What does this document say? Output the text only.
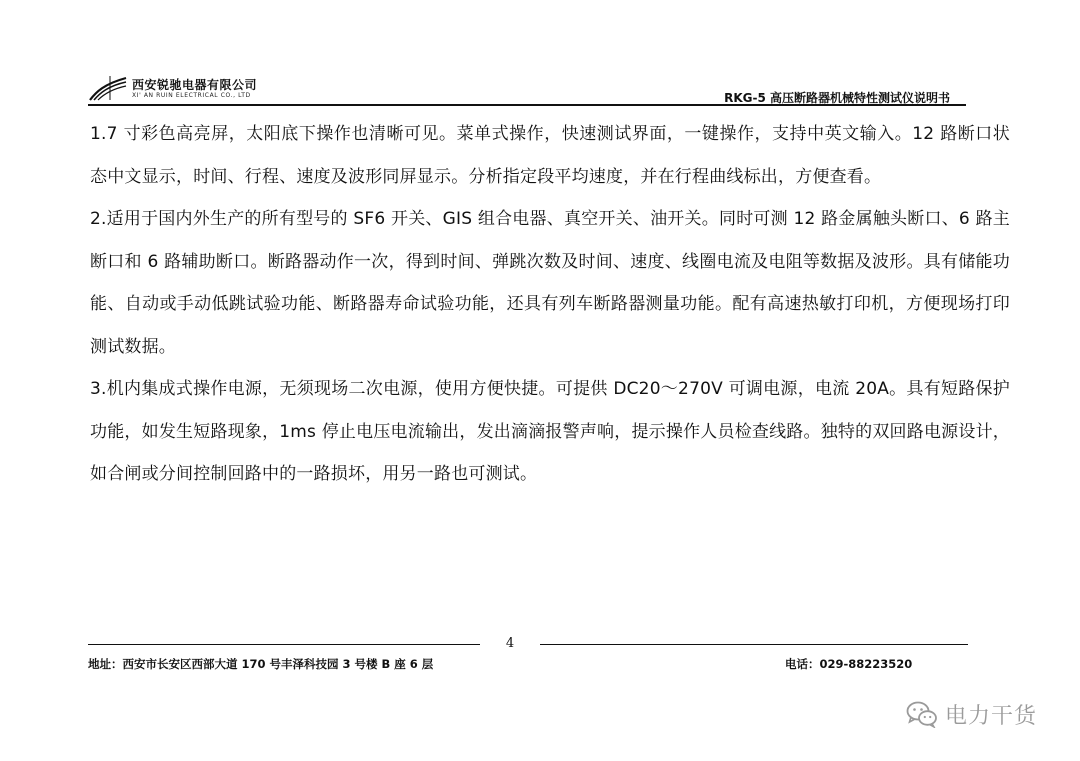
西安锐驰电器有限公司
XI' AN RUIN ELECTRICAL CO., LTD	RKG-5 高压断路器机械特性测试仪说明书

1.7 寸彩色高亮屏，太阳底下操作也清晰可见。菜单式操作，快速测试界面，一键操作，支持中英文输入。12 路断口状态中文显示，时间、行程、速度及波形同屏显示。分析指定段平均速度，并在行程曲线标出，方便查看。

2.适用于国内外生产的所有型号的 SF6 开关、GIS 组合电器、真空开关、油开关。同时可测 12 路金属触头断口、6 路主断口和 6 路辅助断口。断路器动作一次，得到时间、弹跳次数及时间、速度、线圈电流及电阻等数据及波形。具有储能功能、自动或手动低跳试验功能、断路器寿命试验功能，还具有列车断路器测量功能。配有高速热敏打印机，方便现场打印测试数据。

3.机内集成式操作电源，无须现场二次电源，使用方便快捷。可提供 DC20～270V 可调电源，电流 20A。具有短路保护功能，如发生短路现象，1ms 停止电压电流输出，发出滴滴报警声响，提示操作人员检查线路。独特的双回路电源设计，如合闸或分间控制回路中的一路损坏，用另一路也可测试。

4
地址：西安市长安区西部大道 170 号丰泽科技园 3 号楼 B 座 6 层	电话：029-88223520
电力干货
